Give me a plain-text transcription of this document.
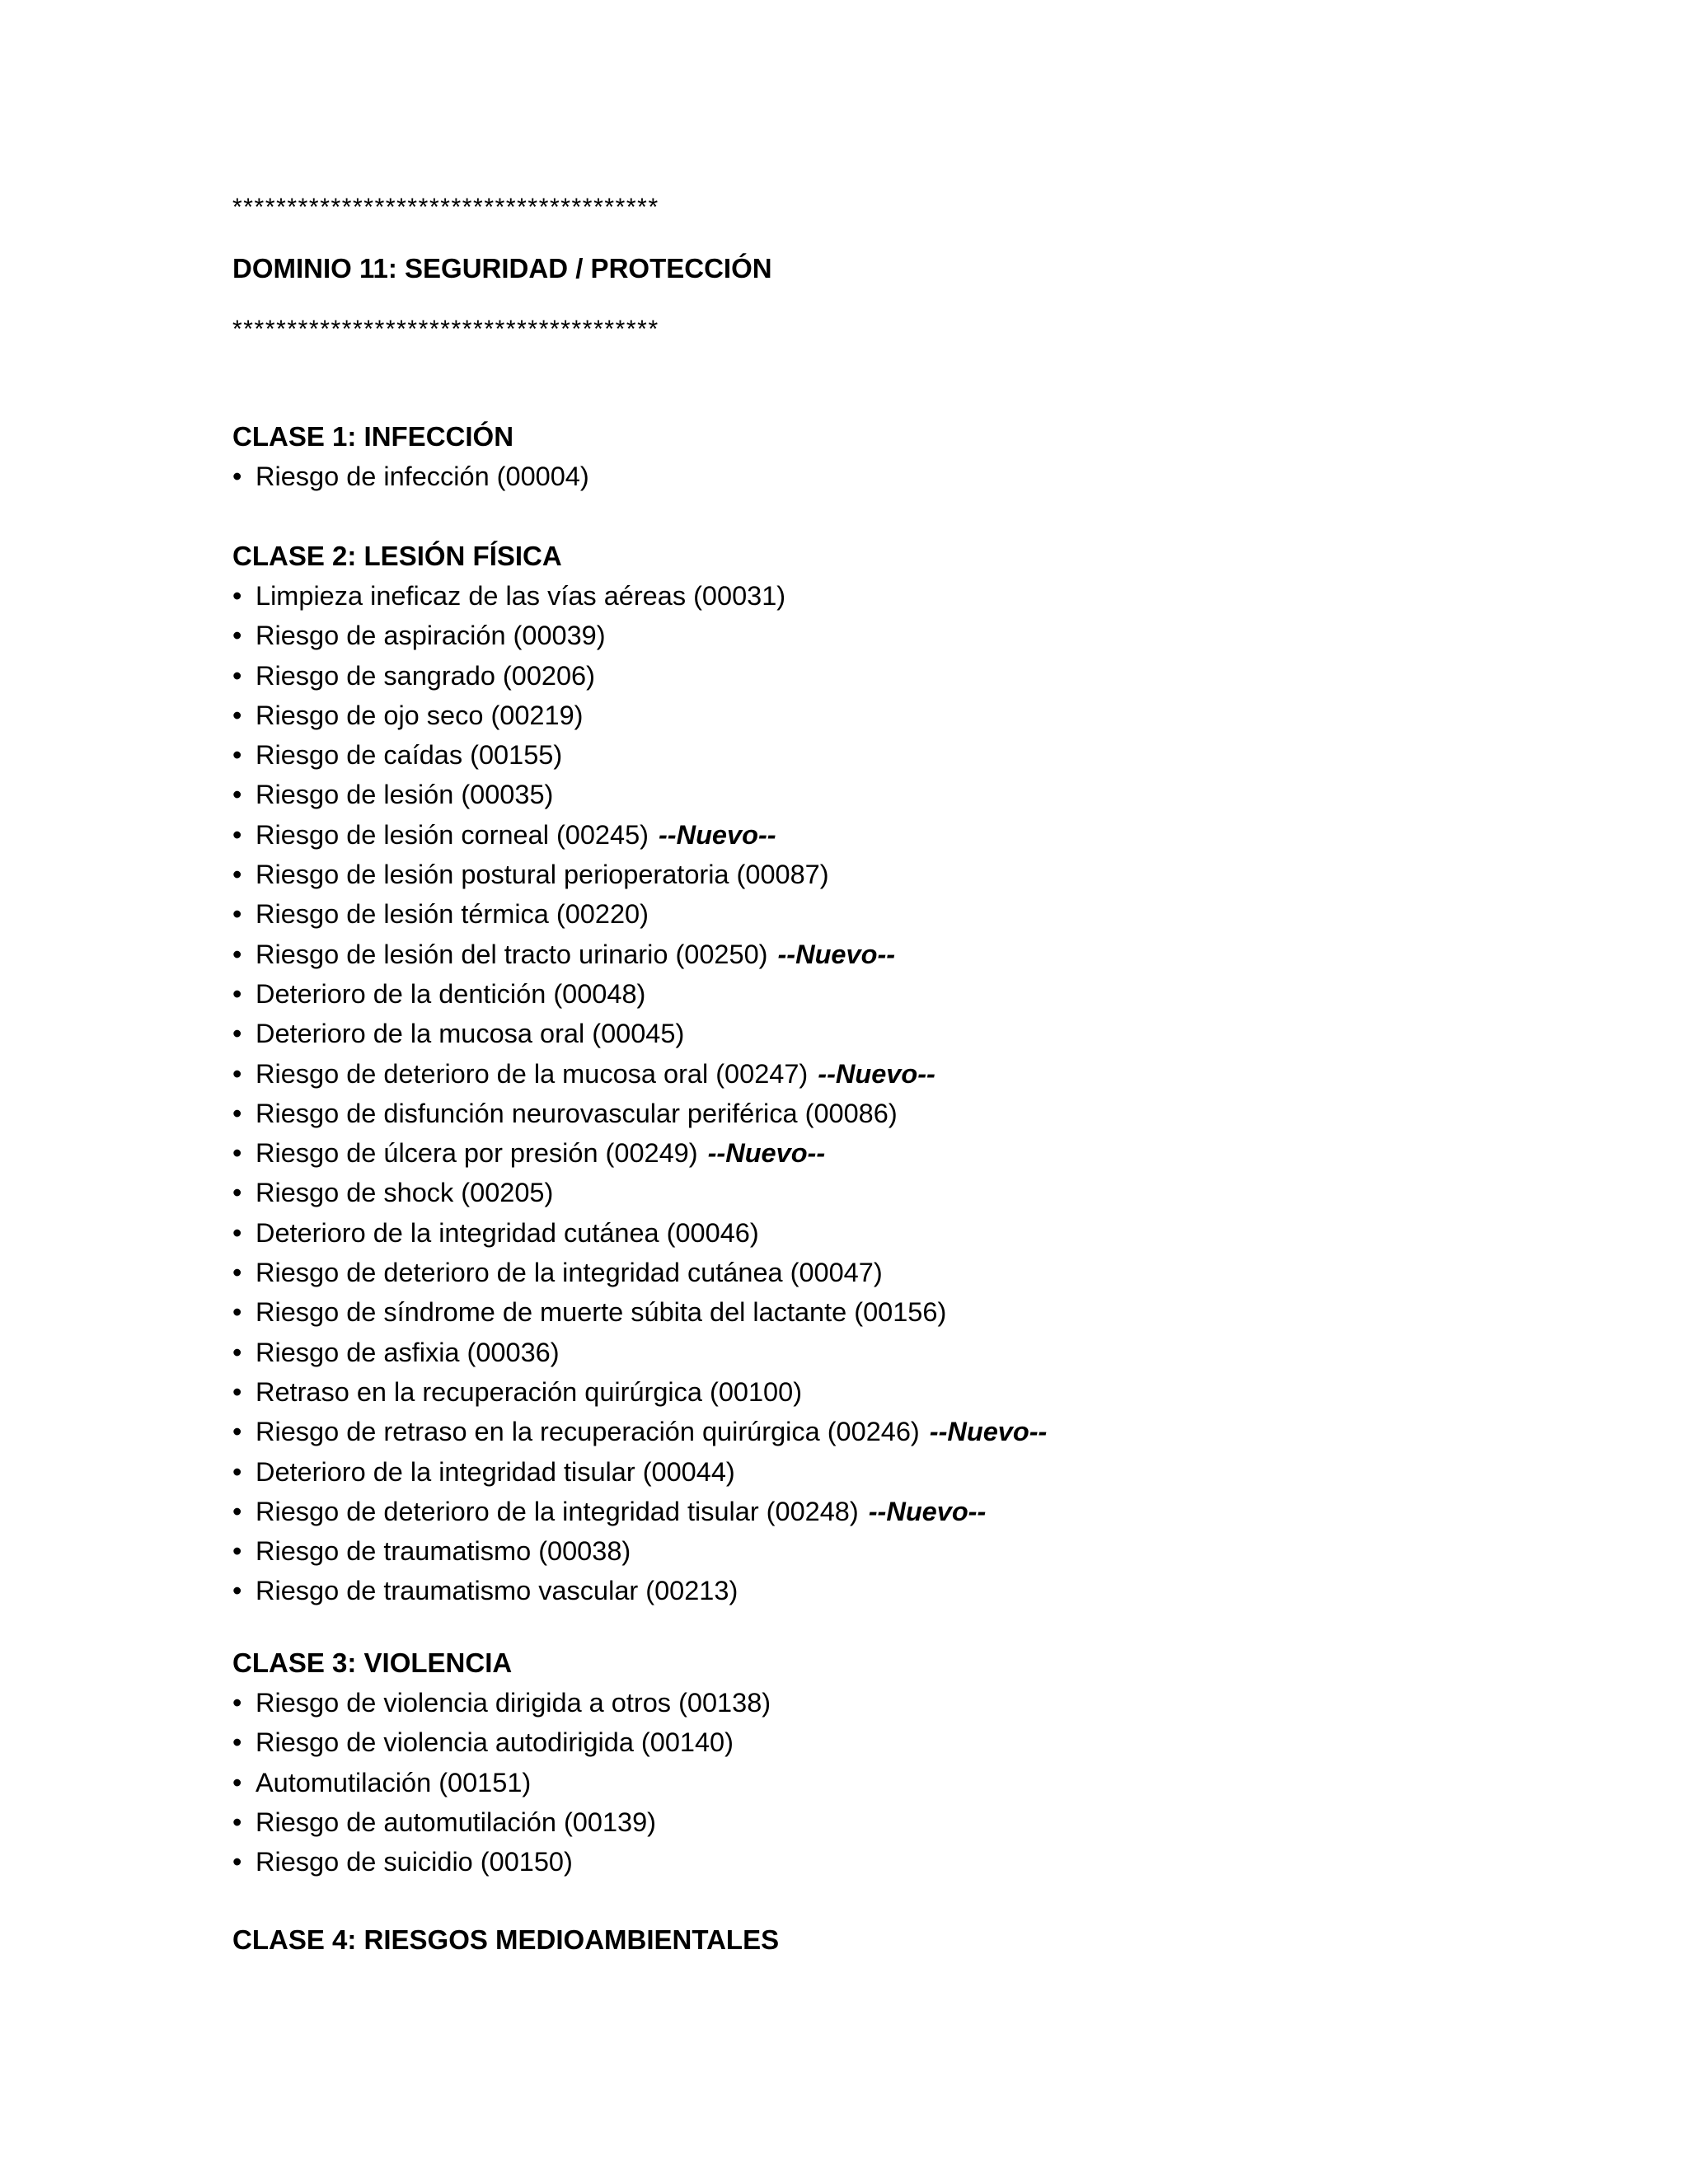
***************************************
DOMINIO 11: SEGURIDAD / PROTECCIÓN
***************************************
CLASE 1: INFECCIÓN
• Riesgo de infección (00004)
CLASE 2: LESIÓN FÍSICA
• Limpieza ineficaz de las vías aéreas (00031)
• Riesgo de aspiración (00039)
• Riesgo de sangrado (00206)
• Riesgo de ojo seco (00219)
• Riesgo de caídas (00155)
• Riesgo de lesión (00035)
• Riesgo de lesión corneal (00245) --Nuevo--
• Riesgo de lesión postural perioperatoria (00087)
• Riesgo de lesión térmica (00220)
• Riesgo de lesión del tracto urinario (00250) --Nuevo--
• Deterioro de la dentición (00048)
• Deterioro de la mucosa oral (00045)
• Riesgo de deterioro de la mucosa oral (00247) --Nuevo--
• Riesgo de disfunción neurovascular periférica (00086)
• Riesgo de úlcera por presión (00249) --Nuevo--
• Riesgo de shock (00205)
• Deterioro de la integridad cutánea (00046)
• Riesgo de deterioro de la integridad cutánea (00047)
• Riesgo de síndrome de muerte súbita del lactante (00156)
• Riesgo de asfixia (00036)
• Retraso en la recuperación quirúrgica (00100)
• Riesgo de retraso en la recuperación quirúrgica (00246) --Nuevo--
• Deterioro de la integridad tisular (00044)
• Riesgo de deterioro de la integridad tisular (00248) --Nuevo--
• Riesgo de traumatismo (00038)
• Riesgo de traumatismo vascular (00213)
CLASE 3: VIOLENCIA
• Riesgo de violencia dirigida a otros (00138)
• Riesgo de violencia autodirigida (00140)
• Automutilación (00151)
• Riesgo de automutilación (00139)
• Riesgo de suicidio (00150)
CLASE 4: RIESGOS MEDIOAMBIENTALES
